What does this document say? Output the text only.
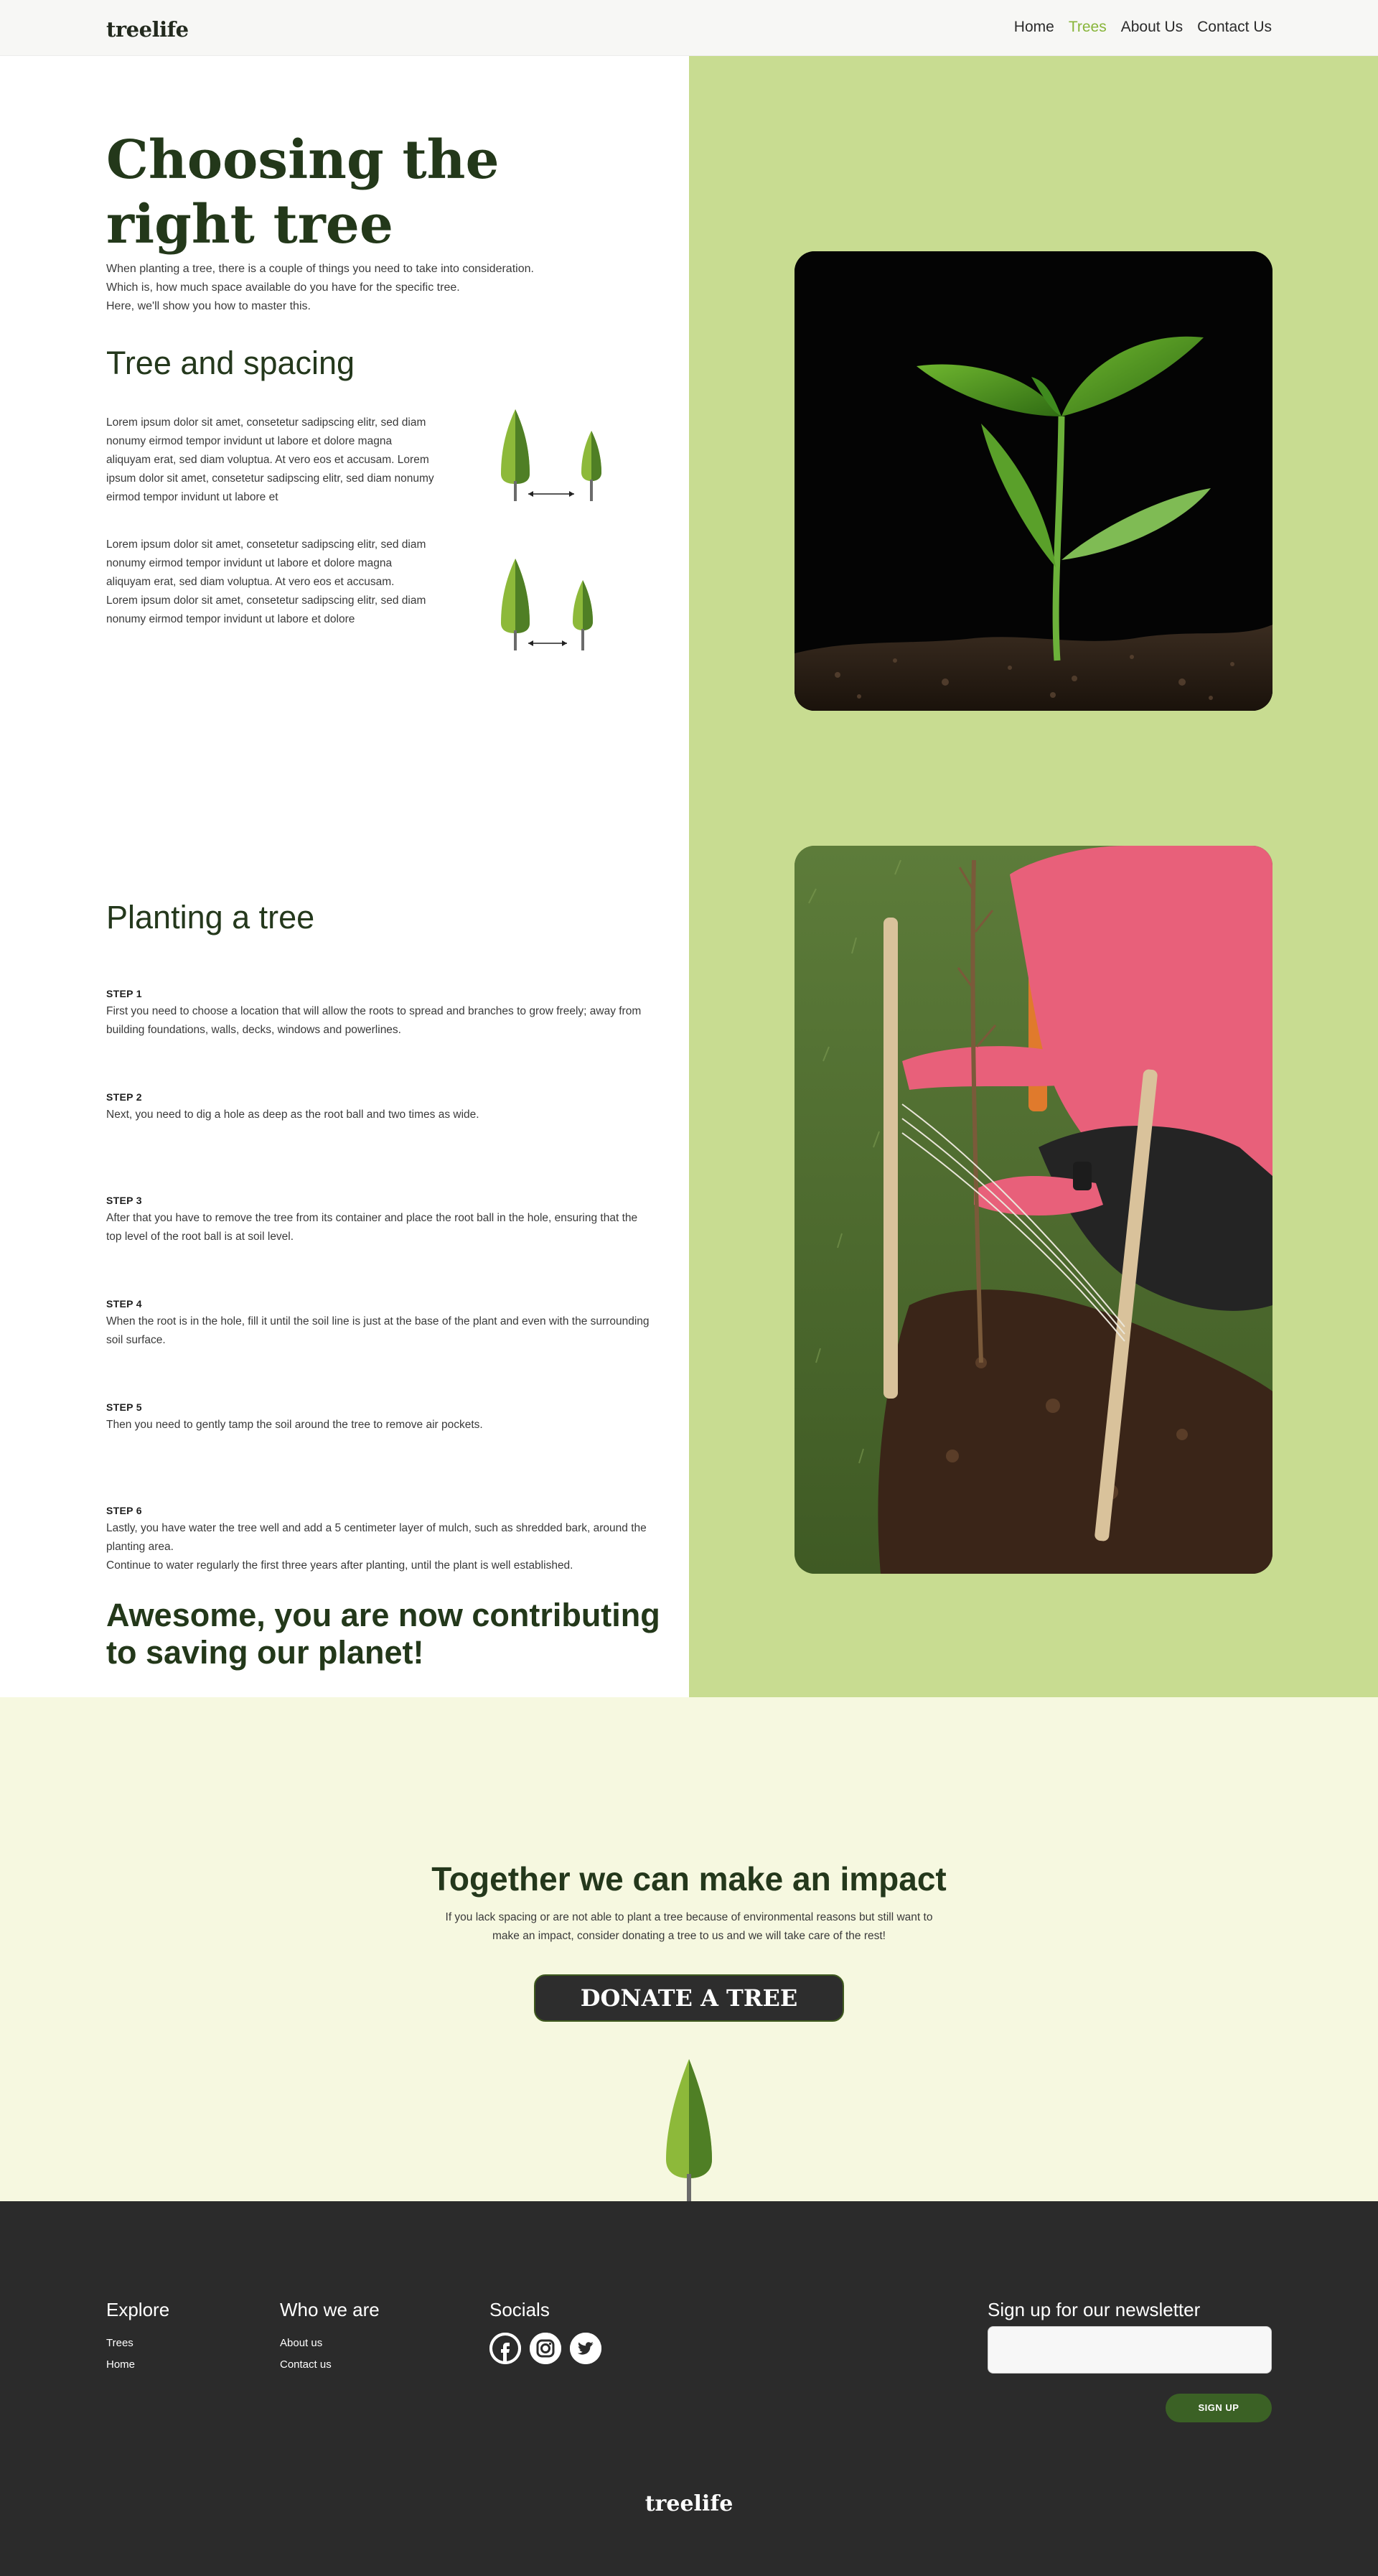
treelife	Home Trees About Us Contact Us
Choosing the right tree
When planting a tree, there is a couple of things you need to take into consideration.
Which is, how much space available do you have for the specific tree.
Here, we'll show you how to master this.
Tree and spacing

Lorem ipsum dolor sit amet, consetetur sadipscing elitr, sed diam nonumy eirmod tempor invidunt ut labore et dolore magna aliquyam erat, sed diam voluptua. At vero eos et accusam. Lorem ipsum dolor sit amet, consetetur sadipscing elitr, sed diam nonumy eirmod tempor invidunt ut labore et

Lorem ipsum dolor sit amet, consetetur sadipscing elitr, sed diam nonumy eirmod tempor invidunt ut labore et dolore magna aliquyam erat, sed diam voluptua. At vero eos et accusam.
Lorem ipsum dolor sit amet, consetetur sadipscing elitr, sed diam nonumy eirmod tempor invidunt ut labore et dolore
Planting a tree
STEP 1

First you need to choose a location that will allow the roots to spread and branches to grow freely; away from building foundations, walls, decks, windows and powerlines.

STEP 2

Next, you need to dig a hole as deep as the root ball and two times as wide.

STEP 3

After that you have to remove the tree from its container and place the root ball in the hole, ensuring that the top level of the root ball is at soil level.

STEP 4

When the root is in the hole, fill it until the soil line is just at the base of the plant and even with the surrounding soil surface.

STEP 5

Then you need to gently tamp the soil around the tree to remove air pockets.

STEP 6
Lastly, you have water the tree well and add a 5 centimeter layer of mulch, such as shredded bark, around the planting area.
Continue to water regularly the first three years after planting, until the plant is well established.
Awesome, you are now contributing to saving our planet!
Together we can make an impact

If you lack spacing or are not able to plant a tree because of environmental reasons but still want to make an impact, consider donating a tree to us and we will take care of the rest!

DONATE A TREE
Explore
Trees
Home
Who we are
About us
Contact us
Socials	Sign up for our newsletter
SIGN UP
treelife
